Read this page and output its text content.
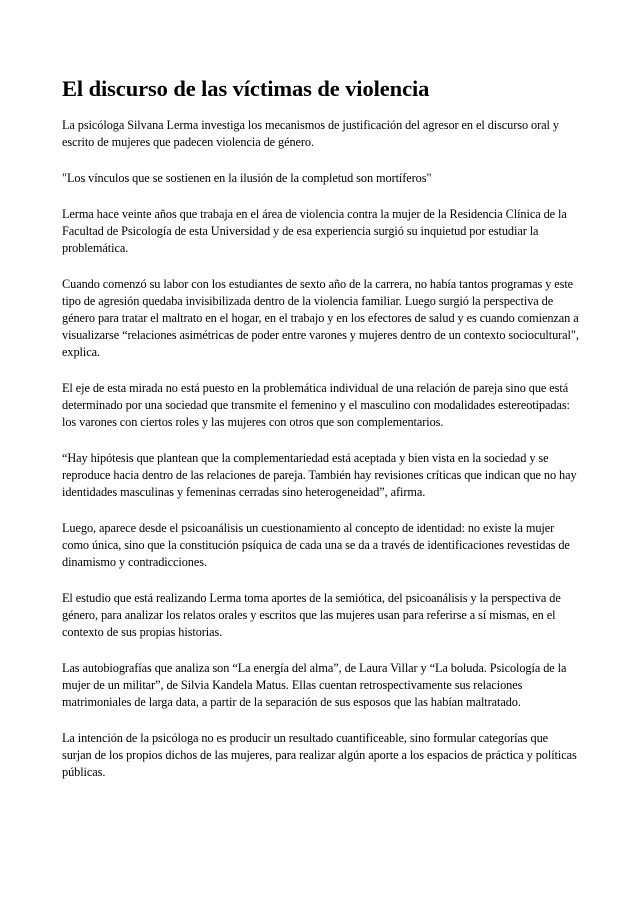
El discurso de las víctimas de violencia

La psicóloga Silvana Lerma investiga los mecanismos de justificación del agresor en el discurso oral y escrito de mujeres que padecen violencia de género.

"Los vínculos que se sostienen en la ilusión de la completud son mortíferos"

Lerma hace veinte años que trabaja en el área de violencia contra la mujer de la Residencia Clínica de la Facultad de Psicología de esta Universidad y de esa experiencia surgió su inquietud por estudiar la problemática.

Cuando comenzó su labor con los estudiantes de sexto año de la carrera, no había tantos programas y este tipo de agresión quedaba invisibilizada dentro de la violencia familiar. Luego surgió la perspectiva de género para tratar el maltrato en el hogar, en el trabajo y en los efectores de salud y es cuando comienzan a visualizarse “relaciones asimétricas de poder entre varones y mujeres dentro de un contexto sociocultural", explica.

El eje de esta mirada no está puesto en la problemática individual de una relación de pareja sino que está determinado por una sociedad que transmite el femenino y el masculino con modalidades estereotipadas: los varones con ciertos roles y las mujeres con otros que son complementarios.

“Hay hipótesis que plantean que la complementariedad está aceptada y bien vista en la sociedad y se reproduce hacia dentro de las relaciones de pareja. También hay revisiones críticas que indican que no hay identidades masculinas y femeninas cerradas sino heterogeneidad”, afirma.

Luego, aparece desde el psicoanálisis un cuestionamiento al concepto de identidad: no existe la mujer como única, sino que la constitución psíquica de cada una se da a través de identificaciones revestidas de dinamismo y contradicciones.

El estudio que está realizando Lerma toma aportes de la semiótica, del psicoanálisis y la perspectiva de género, para analizar los relatos orales y escritos que las mujeres usan para referirse a sí mismas, en el contexto de sus propias historias.

Las autobiografías que analiza son “La energía del alma”, de Laura Villar y “La boluda. Psicología de la mujer de un militar”, de Silvia Kandela Matus. Ellas cuentan retrospectivamente sus relaciones matrimoniales de larga data, a partir de la separación de sus esposos que las habían maltratado.

La intención de la psicóloga no es producir un resultado cuantificeable, sino formular categorías que surjan de los propios dichos de las mujeres, para realizar algún aporte a los espacios de práctica y políticas públicas.
